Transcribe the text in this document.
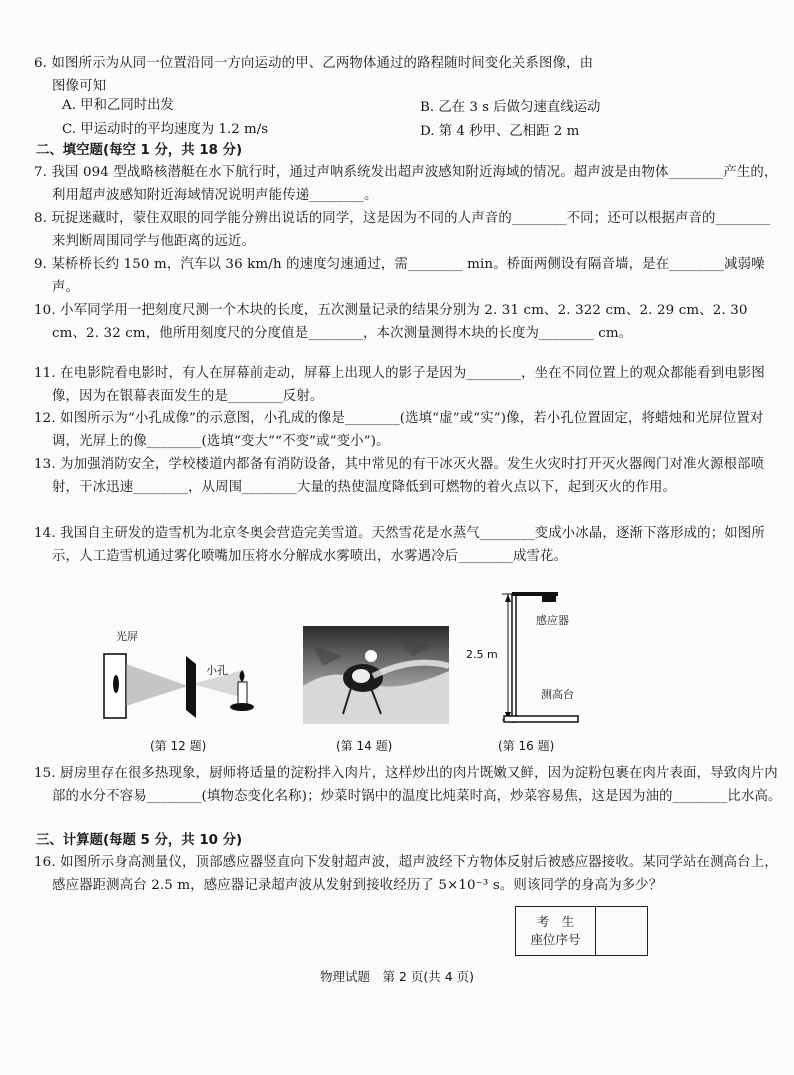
6. 如图所示为从同一位置沿同一方向运动的甲、乙两物体通过的路程随时间变化关系图像，由
图像可知

A. 甲和乙同时出发	B. 乙在 3 s 后做匀速直线运动

C. 甲运动时的平均速度为 1.2 m/s	D. 第 4 秒甲、乙相距 2 m

二、填空题(每空 1 分，共 18 分)

7. 我国 094 型战略核潜艇在水下航行时，通过声呐系统发出超声波感知附近海域的情况。超声波是由物体________产生的，利用超声波感知附近海域情况说明声能传递________。

8. 玩捉迷藏时，蒙住双眼的同学能分辨出说话的同学，这是因为不同的人声音的________不同；还可以根据声音的________来判断周围同学与他距离的远近。

9. 某桥桥长约 150 m，汽车以 36 km/h 的速度匀速通过，需________ min。桥面两侧设有隔音墙，是在________减弱噪声。

10. 小军同学用一把刻度尺测一个木块的长度，五次测量记录的结果分别为 2. 31 cm、2. 322 cm、2. 29 cm、2. 30 cm、2. 32 cm，他所用刻度尺的分度值是________，本次测量测得木块的长度为________ cm。

11. 在电影院看电影时，有人在屏幕前走动，屏幕上出现人的影子是因为________，坐在不同位置上的观众都能看到电影图像，因为在银幕表面发生的是________反射。

12. 如图所示为“小孔成像”的示意图，小孔成的像是________(选填“虚”或“实”)像，若小孔位置固定，将蜡烛和光屏位置对调，光屏上的像________(选填“变大”“不变”或“变小”)。

13. 为加强消防安全，学校楼道内都备有消防设备，其中常见的有干冰灭火器。发生火灾时打开灭火器阀门对准火源根部喷射，干冰迅速________，从周围________大量的热使温度降低到可燃物的着火点以下，起到灭火的作用。

14. 我国自主研发的造雪机为北京冬奥会营造完美雪道。天然雪花是水蒸气________变成小冰晶，逐渐下落形成的；如图所示，人工造雪机通过雾化喷嘴加压将水分解成水雾喷出，水雾遇冷后________成雪花。

光屏
小孔
(第 12 题)	(第 14 题)
感应器
2.5 m
测高台
(第 16 题)

15. 厨房里存在很多热现象，厨师将适量的淀粉拌入肉片，这样炒出的肉片既嫩又鲜，因为淀粉包裹在肉片表面，导致肉片内部的水分不容易________(填物态变化名称)；炒菜时锅中的温度比炖菜时高，炒菜容易焦，这是因为油的________比水高。

三、计算题(每题 5 分，共 10 分)

16. 如图所示身高测量仪，顶部感应器竖直向下发射超声波，超声波经下方物体反射后被感应器接收。某同学站在测高台上，感应器距测高台 2.5 m，感应器记录超声波从发射到接收经历了 5×10⁻³ s。则该同学的身高为多少？

考　生
座位序号
物理试题　第 2 页(共 4 页)
